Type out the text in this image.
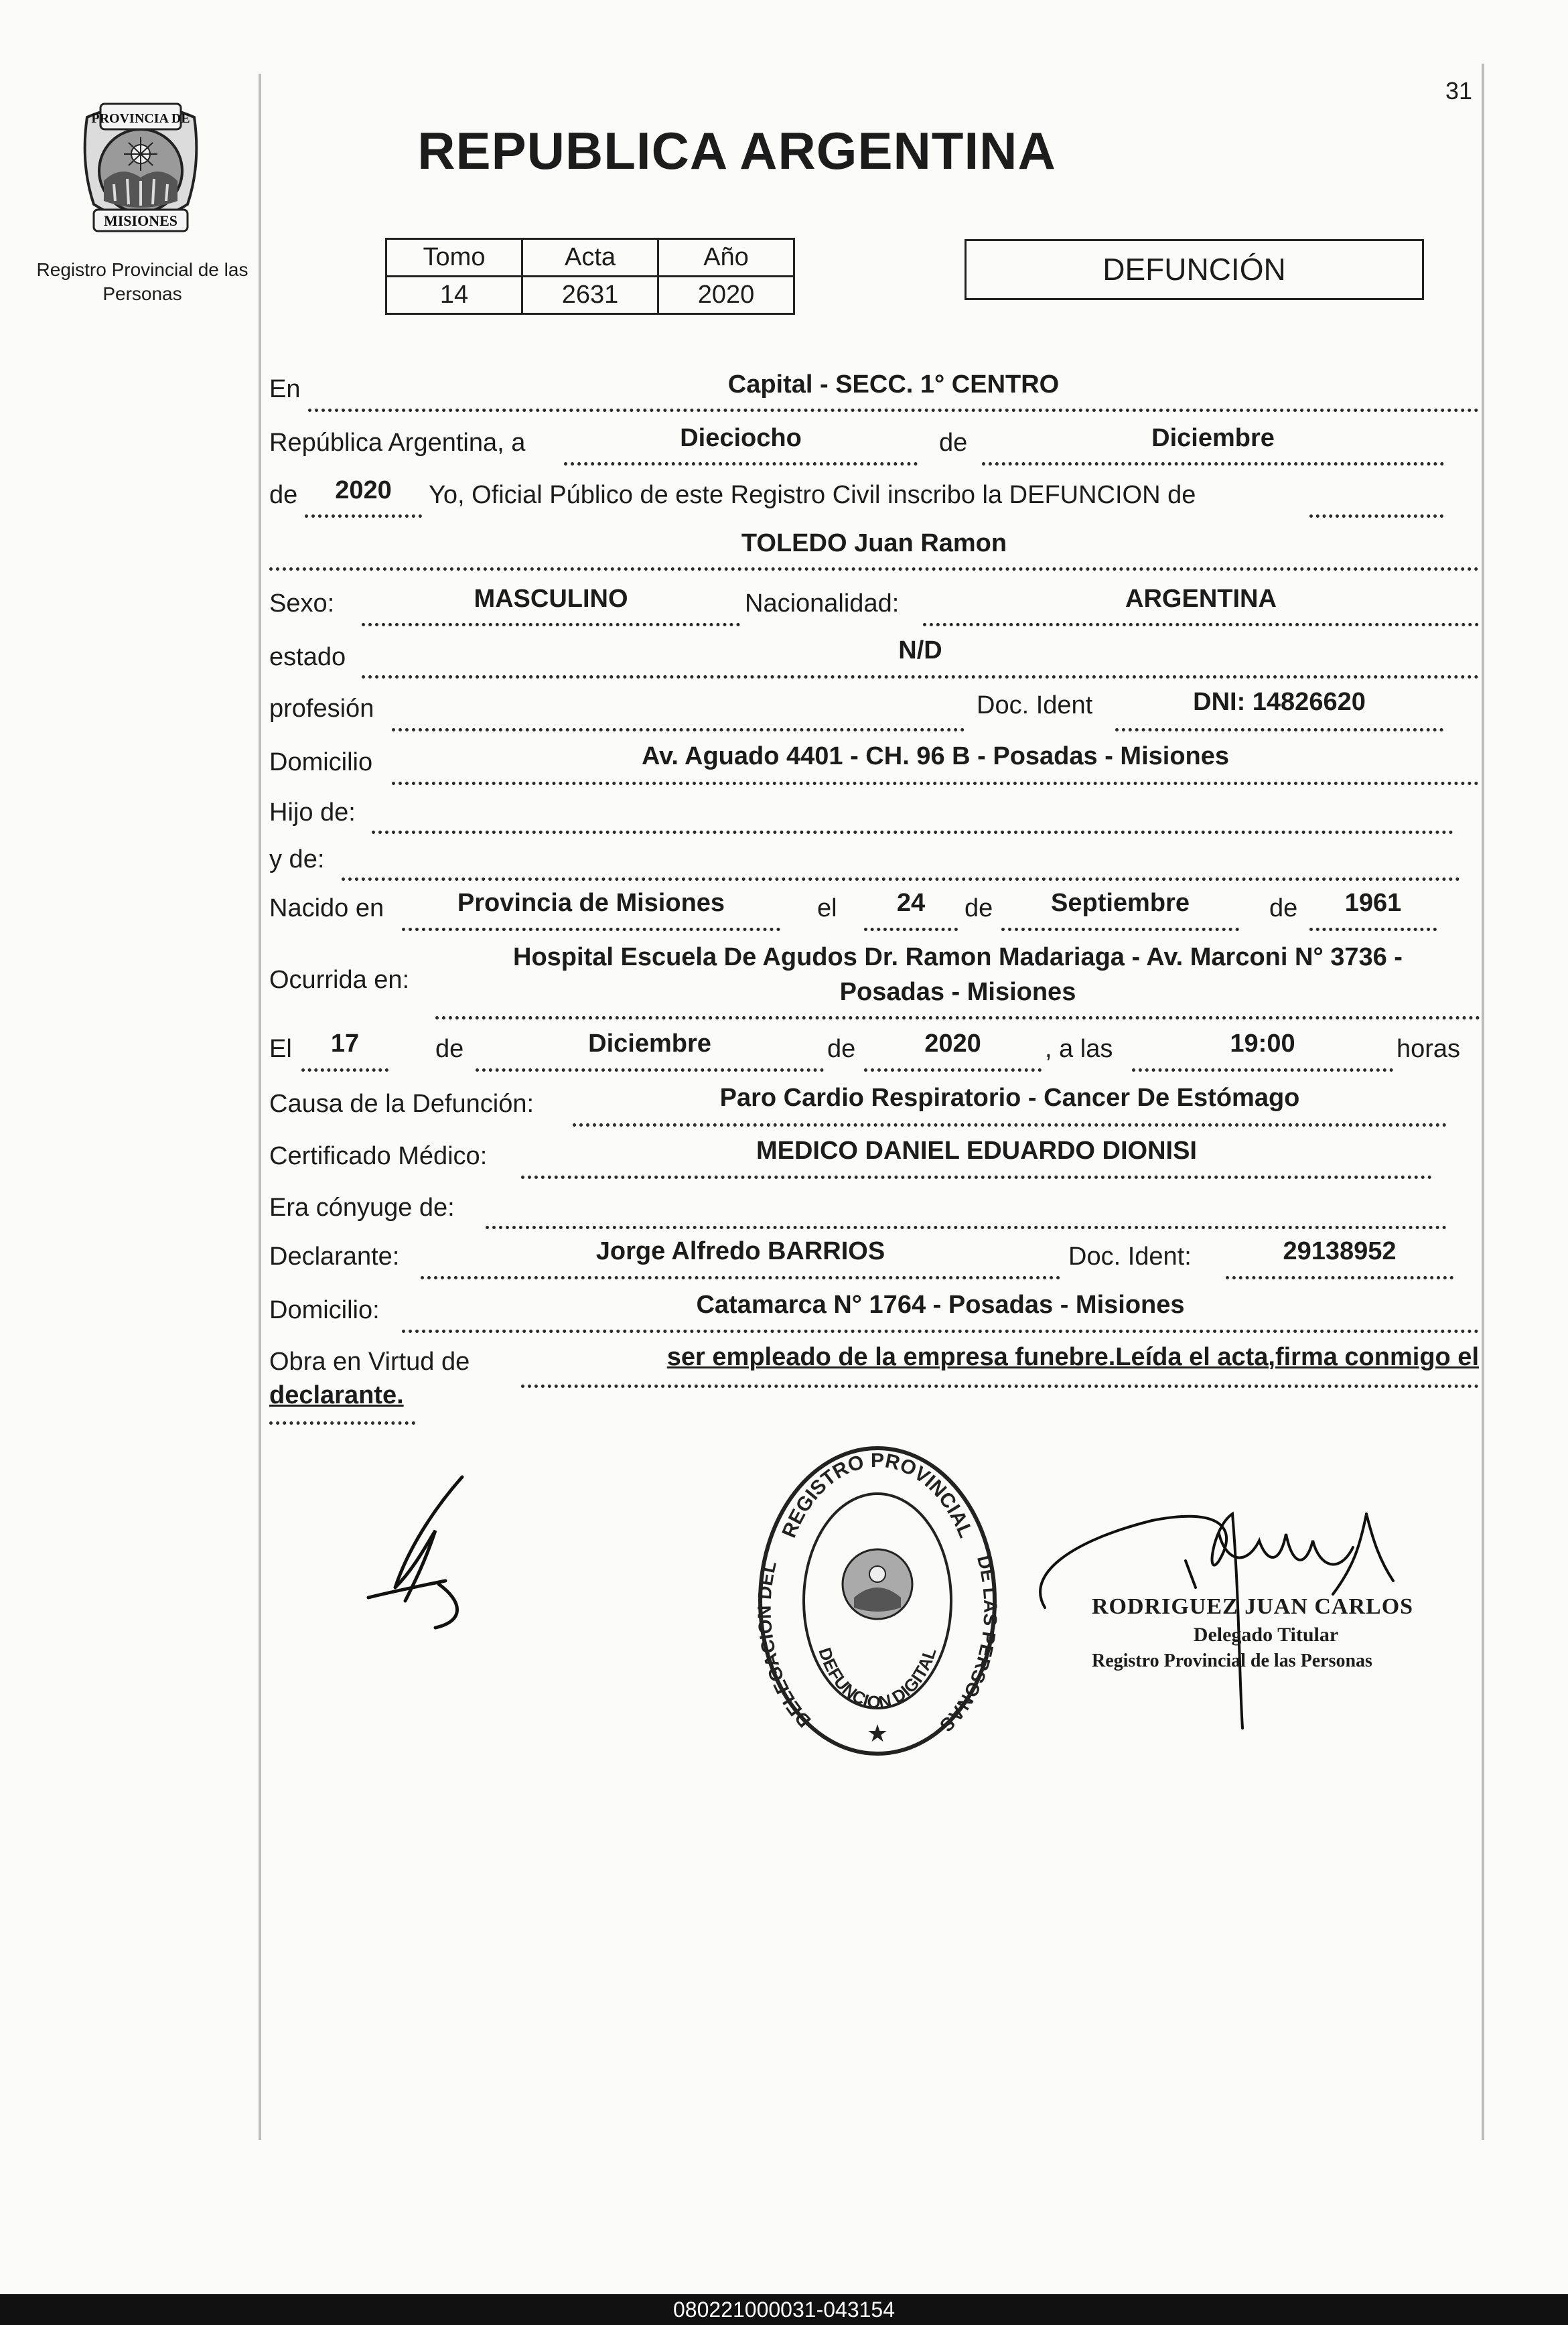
31
PROVINCIA DE
MISIONES
Registro Provincial de las Personas
REPUBLICA ARGENTINA
Tomo	Acta	Año
14	2631	2020
DEFUNCIÓN
En	Capital - SECC. 1° CENTRO
República Argentina, a	Dieciocho	de	Diciembre
de	2020	Yo, Oficial Público de este Registro Civil inscribo la DEFUNCION de
TOLEDO Juan Ramon
Sexo:	MASCULINO	Nacionalidad:	ARGENTINA
estado	N/D
profesión	Doc. Ident	DNI: 14826620
Domicilio	Av. Aguado 4401 - CH. 96 B - Posadas - Misiones
Hijo de:
y de:
Nacido en	Provincia de Misiones	el	24	de	Septiembre	de	1961
Ocurrida en:
Hospital Escuela De Agudos Dr. Ramon Madariaga - Av. Marconi N° 3736 -
Posadas - Misiones
El	17	de	Diciembre	de	2020	, a las	19:00	horas
Causa de la Defunción:	Paro Cardio Respiratorio - Cancer De Estómago
Certificado Médico:	MEDICO DANIEL EDUARDO DIONISI
Era cónyuge de:
Declarante:	Jorge Alfredo BARRIOS	Doc. Ident:	29138952
Domicilio:	Catamarca N° 1764 - Posadas - Misiones
Obra en Virtud de	ser empleado de la empresa funebre.Leída el acta,firma conmigo el
declarante.
REGISTRO PROVINCIAL
DELEGACION DEL	DE LAS PERSONAS
DEFUNCION DIGITAL
★
RODRIGUEZ JUAN CARLOS
Delegado Titular
Registro Provincial de las Personas
080221000031-043154
